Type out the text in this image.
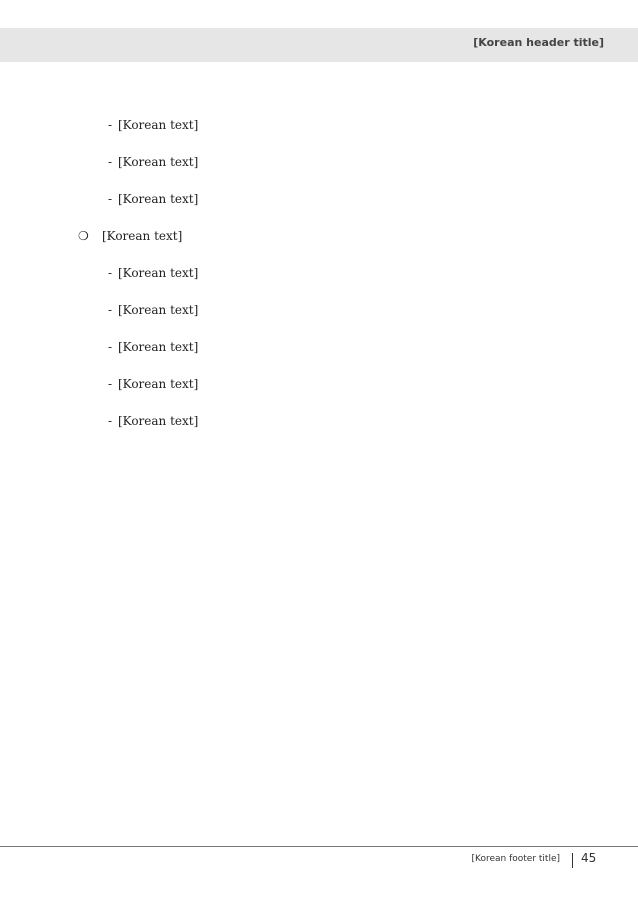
[Korean header title]
- [Korean text]
- [Korean text]
- [Korean text]
❍ [Korean text]
- [Korean text]
- [Korean text]
- [Korean text]
- [Korean text]
- [Korean text]
[Korean footer title] 45
